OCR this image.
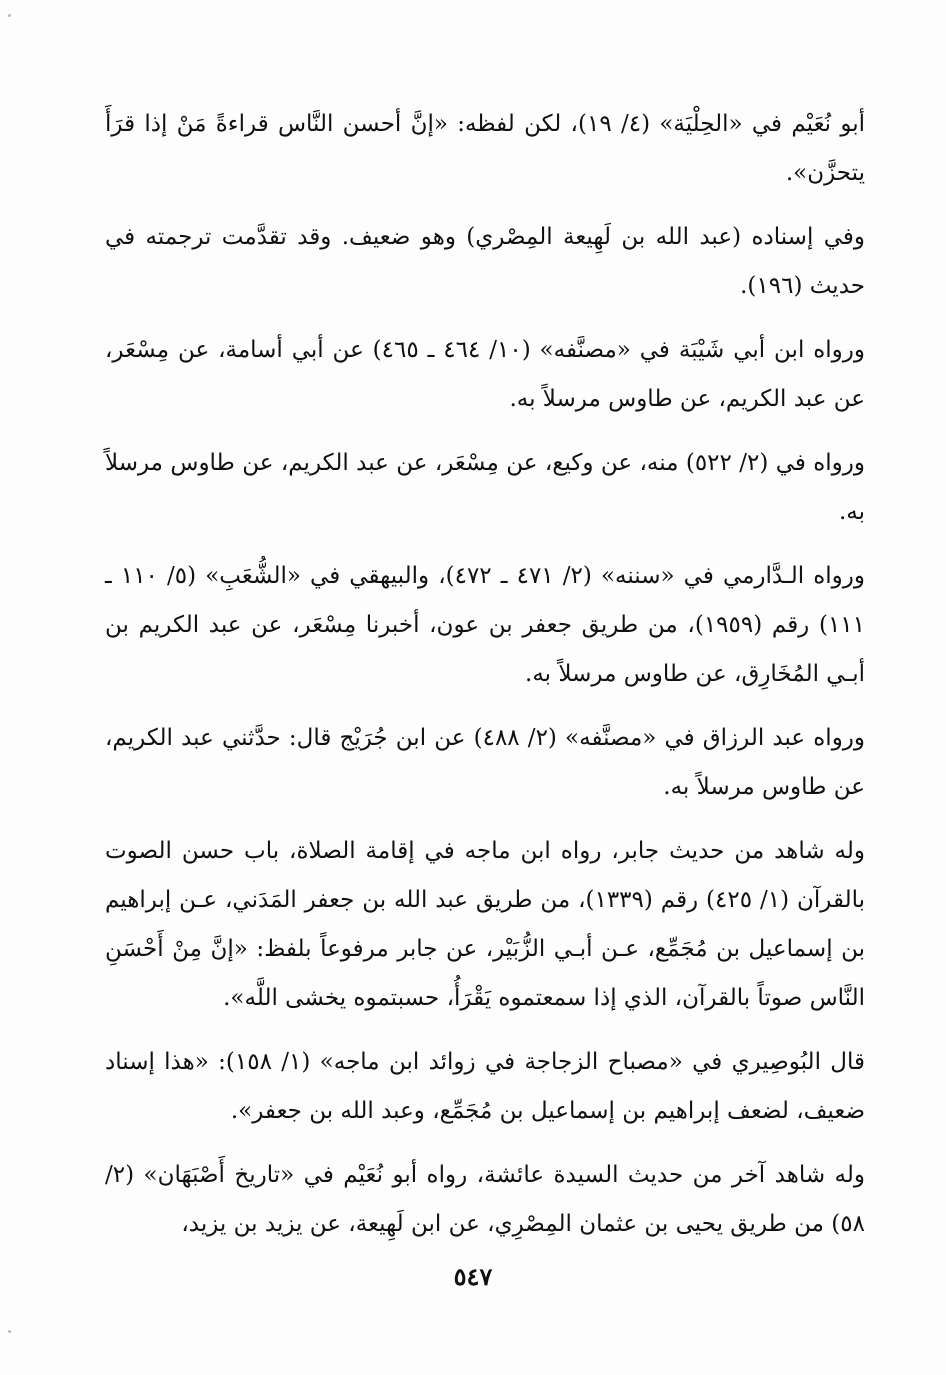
أبو نُعَيْم في «الحِلْيَة» (٤/ ١٩)، لكن لفظه: «إنَّ أحسن النَّاس قراءةً مَنْ إذا قرَأَ يتحزَّن».

وفي إسناده (عبد الله بن لَهِيعة المِصْري) وهو ضعيف. وقد تقدَّمت ترجمته في حديث (١٩٦).

ورواه ابن أبي شَيْبَة في «مصنَّفه» (١٠/ ٤٦٤ ـ ٤٦٥) عن أبي أسامة، عن مِسْعَر، عن عبد الكريم، عن طاوس مرسلاً به.

ورواه في (٢/ ٥٢٢) منه، عن وكيع، عن مِسْعَر، عن عبد الكريم، عن طاوس مرسلاً به.

ورواه الـدَّارمي في «سننه» (٢/ ٤٧١ ـ ٤٧٢)، والبيهقي في «الشُّعَبِ» (٥/ ١١٠ ـ ١١١) رقم (١٩٥٩)، من طريق جعفر بن عون، أخبرنا مِسْعَر، عن عبد الكريم بن أبـي المُخَارِق، عن طاوس مرسلاً به.

ورواه عبد الرزاق في «مصنَّفه» (٢/ ٤٨٨) عن ابن جُرَيْج قال: حدَّثني عبد الكريم، عن طاوس مرسلاً به.

وله شاهد من حديث جابر، رواه ابن ماجه في إقامة الصلاة، باب حسن الصوت بالقرآن (١/ ٤٢٥) رقم (١٣٣٩)، من طريق عبد الله بن جعفر المَدَني، عـن إبراهيم بن إسماعيل بن مُجَمِّع، عـن أبـي الزُّبَيْر، عن جابر مرفوعاً بلفظ: «إنَّ مِنْ أَحْسَنِ النَّاس صوتاً بالقرآن، الذي إذا سمعتموه يَقْرَأُ، حسبتموه يخشى اللَّه».

قال البُوصِيري في «مصباح الزجاجة في زوائد ابن ماجه» (١/ ١٥٨): «هذا إسناد ضعيف، لضعف إبراهيم بن إسماعيل بن مُجَمِّع، وعبد الله بن جعفر».

وله شاهد آخر من حديث السيدة عائشة، رواه أبو نُعَيْم في «تاريخ أَصْبَهَان» (٢/ ٥٨) من طريق يحيى بن عثمان المِصْرِي، عن ابن لَهِيعة، عن يزيد بن يزيد،

٥٤٧
